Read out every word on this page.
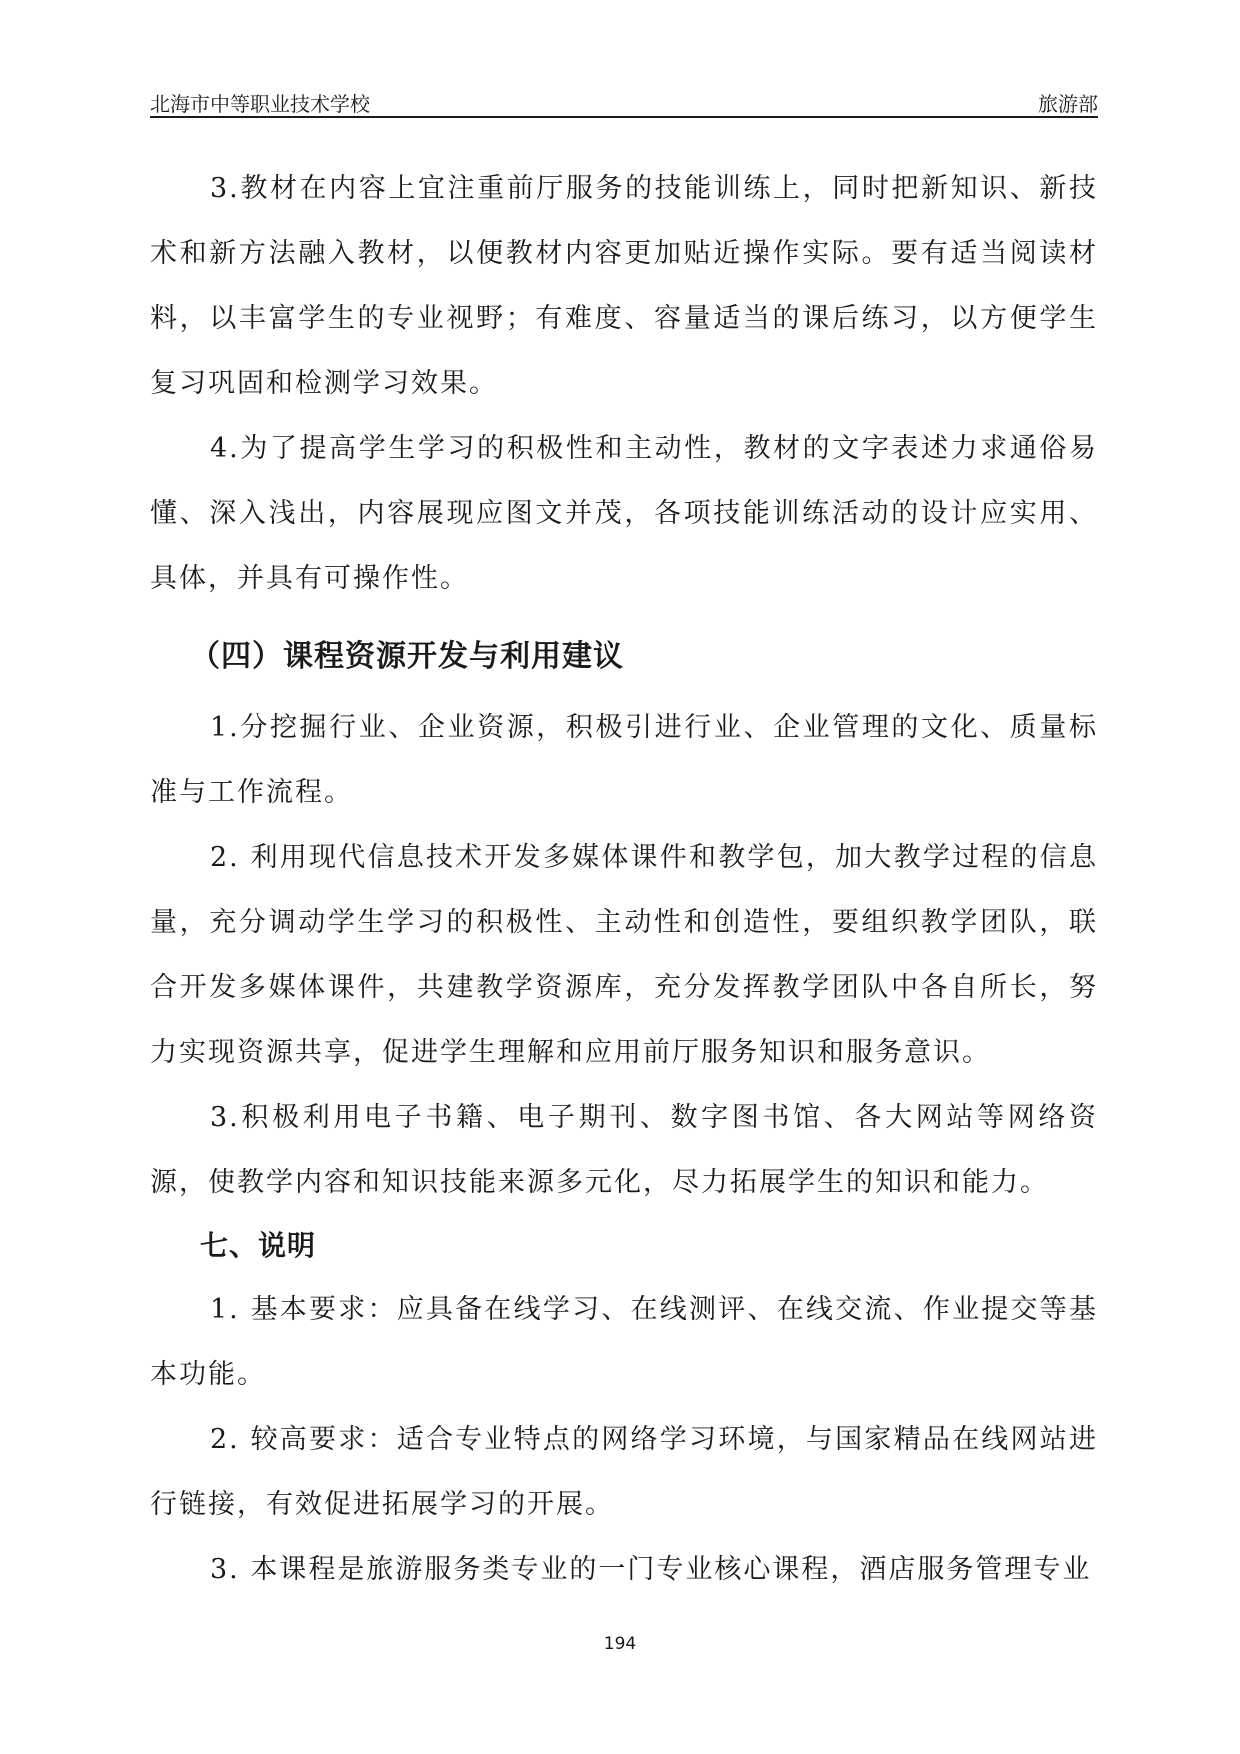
北海市中等职业技术学校	旅游部

3.教材在内容上宜注重前厅服务的技能训练上，同时把新知识、新技术和新方法融入教材，以便教材内容更加贴近操作实际。要有适当阅读材料，以丰富学生的专业视野；有难度、容量适当的课后练习，以方便学生复习巩固和检测学习效果。

4.为了提高学生学习的积极性和主动性，教材的文字表述力求通俗易懂、深入浅出，内容展现应图文并茂，各项技能训练活动的设计应实用、具体，并具有可操作性。

（四）课程资源开发与利用建议

1.分挖掘行业、企业资源，积极引进行业、企业管理的文化、质量标准与工作流程。

2. 利用现代信息技术开发多媒体课件和教学包，加大教学过程的信息量，充分调动学生学习的积极性、主动性和创造性，要组织教学团队，联合开发多媒体课件，共建教学资源库，充分发挥教学团队中各自所长，努力实现资源共享，促进学生理解和应用前厅服务知识和服务意识。

3.积极利用电子书籍、电子期刊、数字图书馆、各大网站等网络资源，使教学内容和知识技能来源多元化，尽力拓展学生的知识和能力。

七、说明

1. 基本要求：应具备在线学习、在线测评、在线交流、作业提交等基本功能。

2. 较高要求：适合专业特点的网络学习环境，与国家精品在线网站进行链接，有效促进拓展学习的开展。

3. 本课程是旅游服务类专业的一门专业核心课程，酒店服务管理专业

194
